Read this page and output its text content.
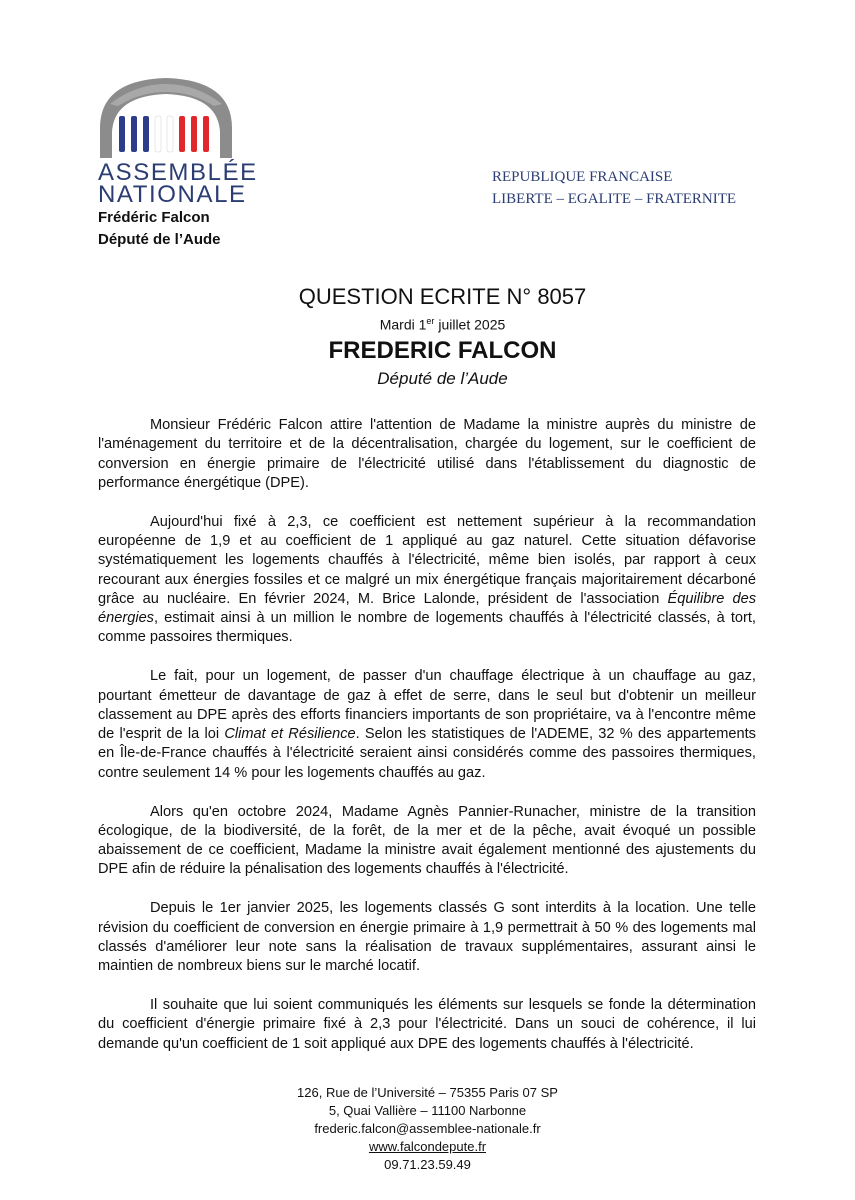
ASSEMBLÉE
NATIONALE
Frédéric Falcon
Député de l’Aude
REPUBLIQUE FRANCAISE
LIBERTE – EGALITE – FRATERNITE
QUESTION ECRITE N° 8057
Mardi 1er juillet 2025
FREDERIC FALCON
Député de l’Aude

Monsieur Frédéric Falcon attire l'attention de Madame la ministre auprès du ministre de l'aménagement du territoire et de la décentralisation, chargée du logement, sur le coefficient de conversion en énergie primaire de l'électricité utilisé dans l'établissement du diagnostic de performance énergétique (DPE).

Aujourd'hui fixé à 2,3, ce coefficient est nettement supérieur à la recommandation européenne de 1,9 et au coefficient de 1 appliqué au gaz naturel. Cette situation défavorise systématiquement les logements chauffés à l'électricité, même bien isolés, par rapport à ceux recourant aux énergies fossiles et ce malgré un mix énergétique français majoritairement décarboné grâce au nucléaire. En février 2024, M. Brice Lalonde, président de l'association Équilibre des énergies, estimait ainsi à un million le nombre de logements chauffés à l'électricité classés, à tort, comme passoires thermiques.

Le fait, pour un logement, de passer d'un chauffage électrique à un chauffage au gaz, pourtant émetteur de davantage de gaz à effet de serre, dans le seul but d'obtenir un meilleur classement au DPE après des efforts financiers importants de son propriétaire, va à l'encontre même de l'esprit de la loi Climat et Résilience. Selon les statistiques de l'ADEME, 32 % des appartements en Île-de-France chauffés à l'électricité seraient ainsi considérés comme des passoires thermiques, contre seulement 14 % pour les logements chauffés au gaz.

Alors qu'en octobre 2024, Madame Agnès Pannier-Runacher, ministre de la transition écologique, de la biodiversité, de la forêt, de la mer et de la pêche, avait évoqué un possible abaissement de ce coefficient, Madame la ministre avait également mentionné des ajustements du DPE afin de réduire la pénalisation des logements chauffés à l'électricité.

Depuis le 1er janvier 2025, les logements classés G sont interdits à la location. Une telle révision du coefficient de conversion en énergie primaire à 1,9 permettrait à 50 % des logements mal classés d'améliorer leur note sans la réalisation de travaux supplémentaires, assurant ainsi le maintien de nombreux biens sur le marché locatif.

Il souhaite que lui soient communiqués les éléments sur lesquels se fonde la détermination du coefficient d'énergie primaire fixé à 2,3 pour l'électricité. Dans un souci de cohérence, il lui demande qu'un coefficient de 1 soit appliqué aux DPE des logements chauffés à l'électricité.

126, Rue de l’Université – 75355 Paris 07 SP
5, Quai Vallière – 11100 Narbonne
frederic.falcon@assemblee-nationale.fr
www.falcondepute.fr
09.71.23.59.49
